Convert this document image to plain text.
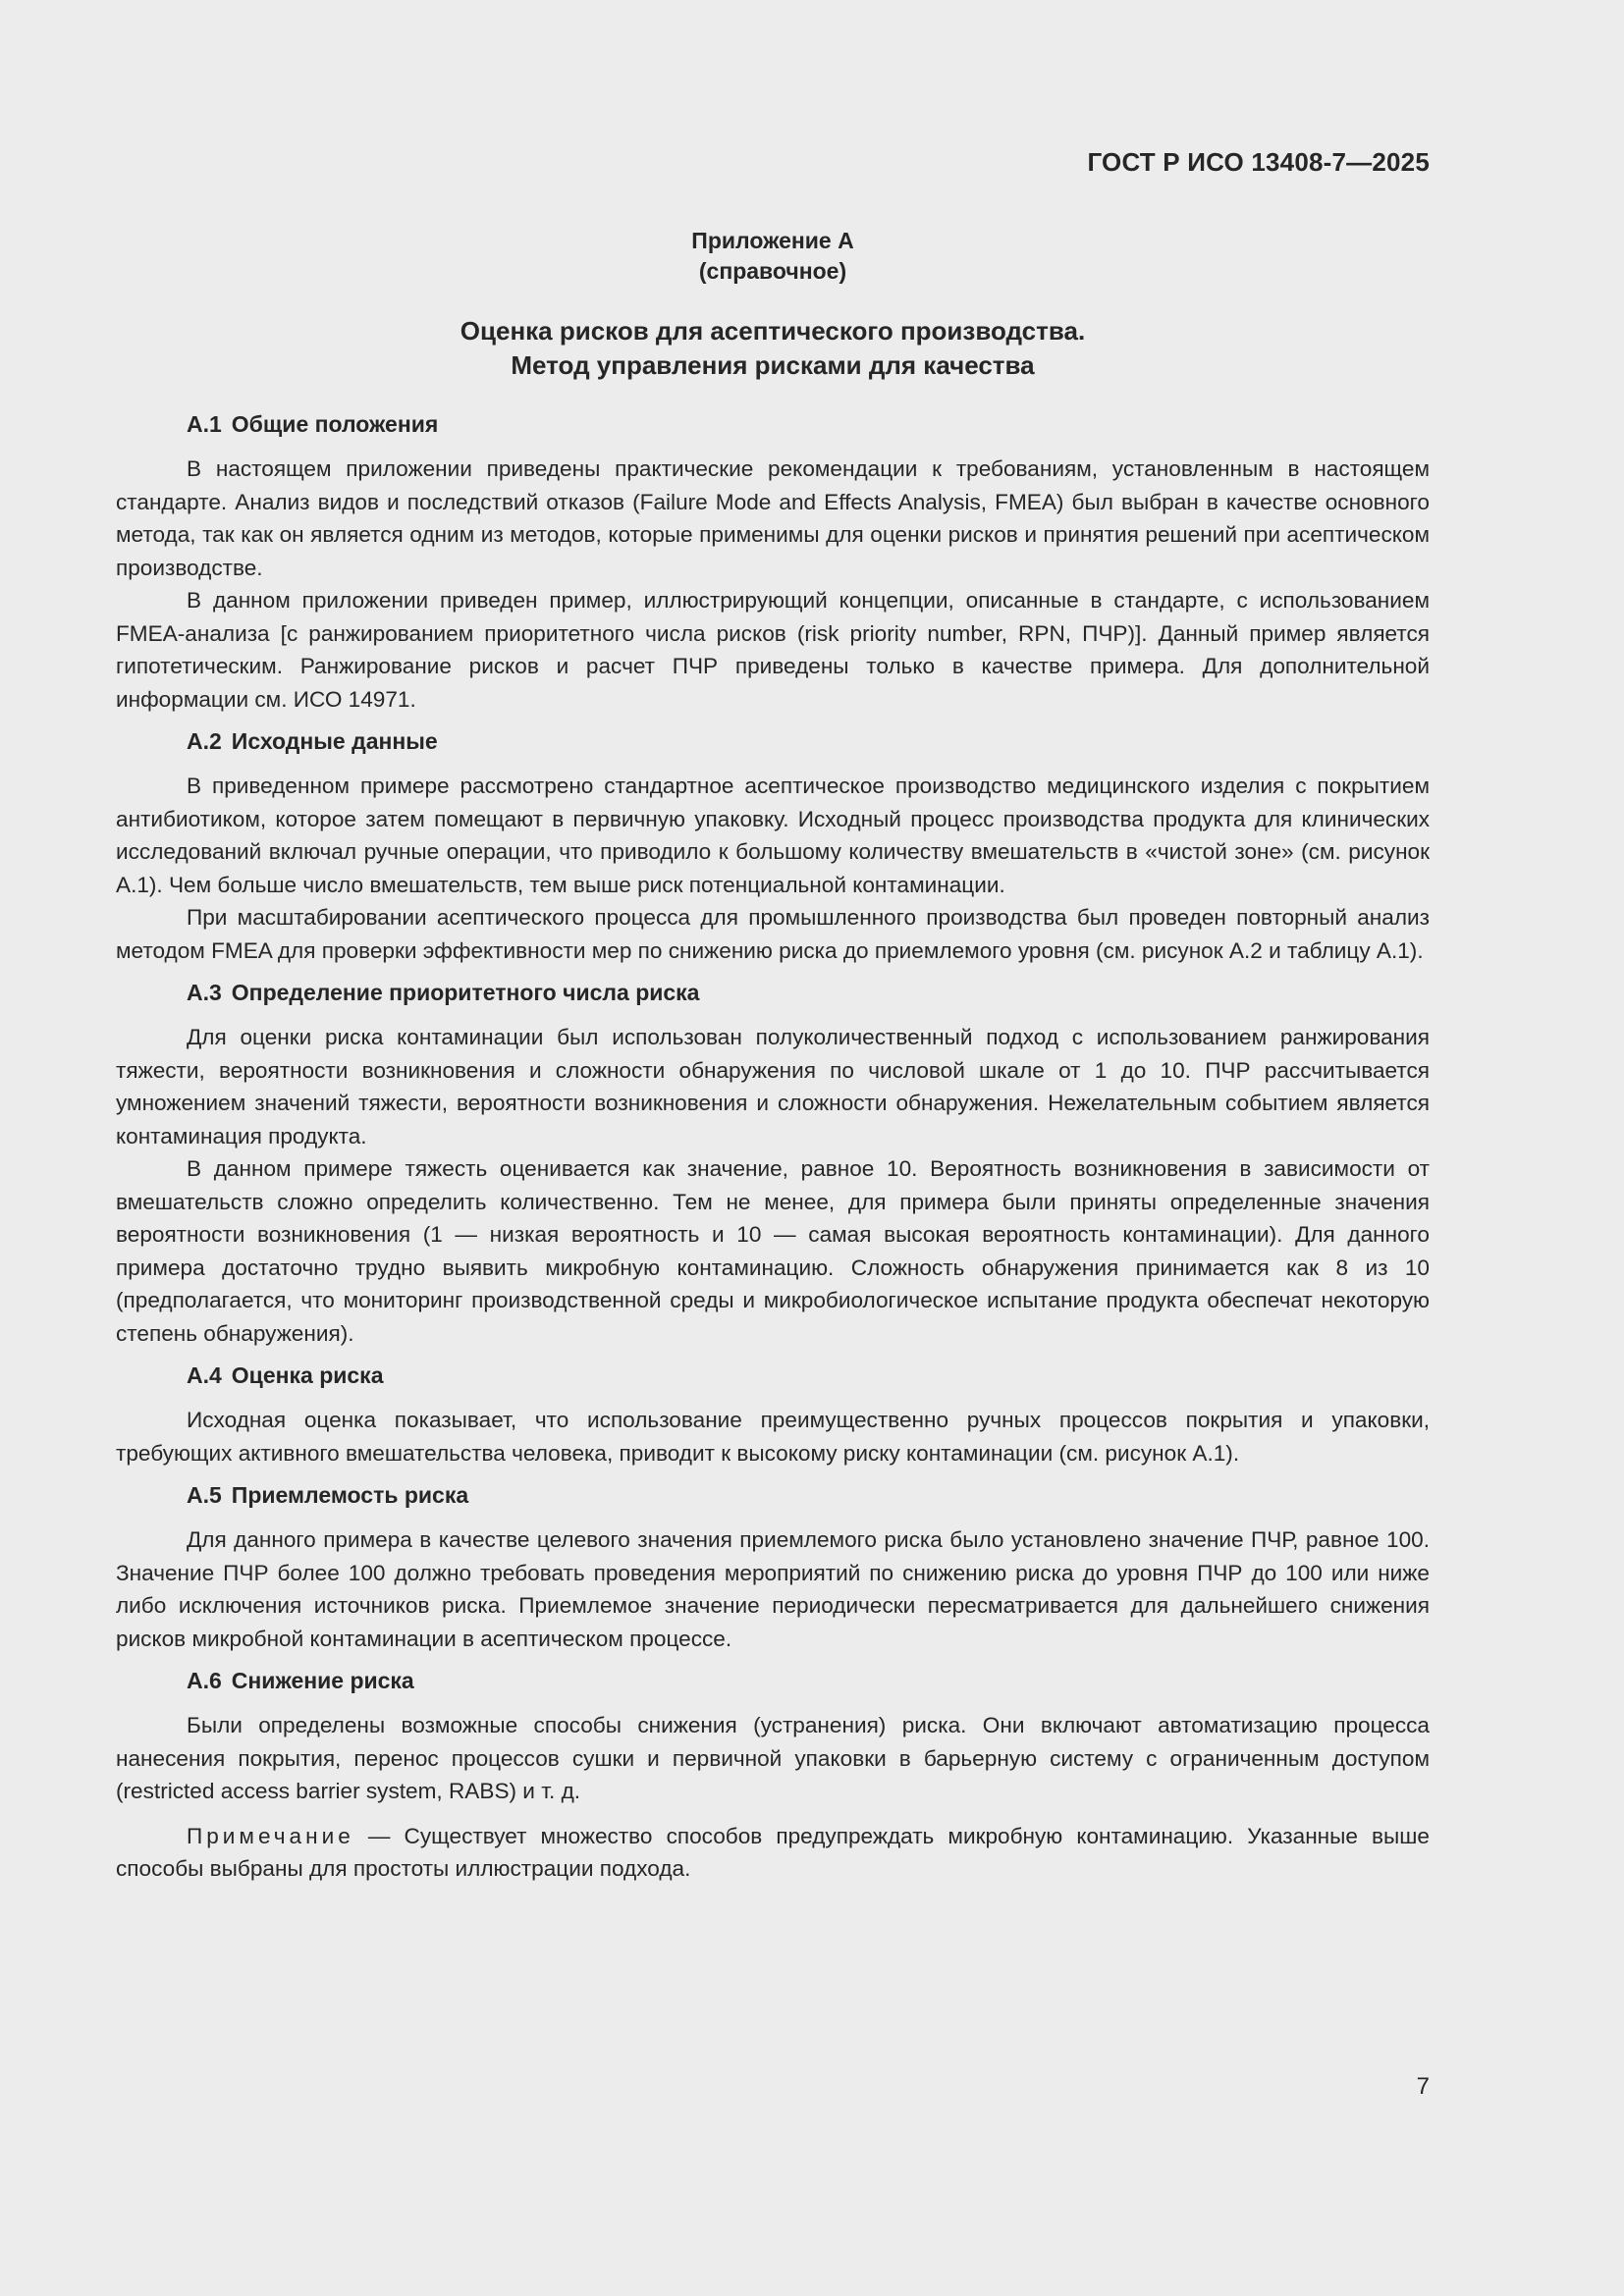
ГОСТ Р ИСО 13408-7—2025

Приложение А

(справочное)

Оценка рисков для асептического производства.
Метод управления рисками для качества
А.1 Общие положения

В настоящем приложении приведены практические рекомендации к требованиям, установленным в настоящем стандарте. Анализ видов и последствий отказов (Failure Mode and Effects Analysis, FMEA) был выбран в качестве основного метода, так как он является одним из методов, которые применимы для оценки рисков и принятия решений при асептическом производстве.

В данном приложении приведен пример, иллюстрирующий концепции, описанные в стандарте, с использованием FMEA-анализа [с ранжированием приоритетного числа рисков (risk priority number, RPN, ПЧР)]. Данный пример является гипотетическим. Ранжирование рисков и расчет ПЧР приведены только в качестве примера. Для дополнительной информации см. ИСО 14971.

А.2 Исходные данные

В приведенном примере рассмотрено стандартное асептическое производство медицинского изделия с покрытием антибиотиком, которое затем помещают в первичную упаковку. Исходный процесс производства продукта для клинических исследований включал ручные операции, что приводило к большому количеству вмешательств в «чистой зоне» (см. рисунок А.1). Чем больше число вмешательств, тем выше риск потенциальной контаминации.

При масштабировании асептического процесса для промышленного производства был проведен повторный анализ методом FMEA для проверки эффективности мер по снижению риска до приемлемого уровня (см. рисунок А.2 и таблицу А.1).

А.3 Определение приоритетного числа риска

Для оценки риска контаминации был использован полуколичественный подход с использованием ранжирования тяжести, вероятности возникновения и сложности обнаружения по числовой шкале от 1 до 10. ПЧР рассчитывается умножением значений тяжести, вероятности возникновения и сложности обнаружения. Нежелательным событием является контаминация продукта.

В данном примере тяжесть оценивается как значение, равное 10. Вероятность возникновения в зависимости от вмешательств сложно определить количественно. Тем не менее, для примера были приняты определенные значения вероятности возникновения (1 — низкая вероятность и 10 — самая высокая вероятность контаминации). Для данного примера достаточно трудно выявить микробную контаминацию. Сложность обнаружения принимается как 8 из 10 (предполагается, что мониторинг производственной среды и микробиологическое испытание продукта обеспечат некоторую степень обнаружения).

А.4 Оценка риска

Исходная оценка показывает, что использование преимущественно ручных процессов покрытия и упаковки, требующих активного вмешательства человека, приводит к высокому риску контаминации (см. рисунок А.1).

А.5 Приемлемость риска

Для данного примера в качестве целевого значения приемлемого риска было установлено значение ПЧР, равное 100. Значение ПЧР более 100 должно требовать проведения мероприятий по снижению риска до уровня ПЧР до 100 или ниже либо исключения источников риска. Приемлемое значение периодически пересматривается для дальнейшего снижения рисков микробной контаминации в асептическом процессе.

А.6 Снижение риска

Были определены возможные способы снижения (устранения) риска. Они включают автоматизацию процесса нанесения покрытия, перенос процессов сушки и первичной упаковки в барьерную систему с ограниченным доступом (restricted access barrier system, RABS) и т. д.

Примечание — Существует множество способов предупреждать микробную контаминацию. Указанные выше способы выбраны для простоты иллюстрации подхода.

7
